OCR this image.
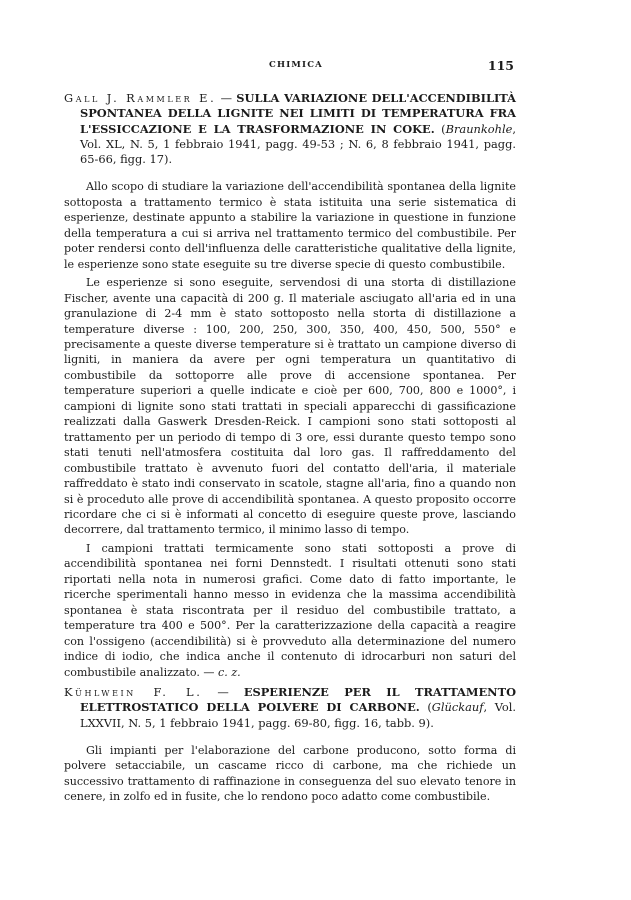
CHIMICA	115

Gall J. Rammler E. — SULLA VARIAZIONE DELL'ACCENDIBILITÀ SPONTANEA DELLA LIGNITE NEI LIMITI DI TEMPERATURA FRA L'ESSICCAZIONE E LA TRASFORMAZIONE IN COKE. (Braunkohle, Vol. XL, N. 5, 1 febbraio 1941, pagg. 49-53 ; N. 6, 8 febbraio 1941, pagg. 65-66, figg. 17).

Allo scopo di studiare la variazione dell'accendibilità spontanea della lignite sottoposta a trattamento termico è stata istituita una serie sistematica di esperienze, destinate appunto a stabilire la variazione in questione in funzione della temperatura a cui si arriva nel trattamento termico del combustibile. Per poter rendersi conto dell'influenza delle caratteristiche qualitative della lignite, le esperienze sono state eseguite su tre diverse specie di questo combustibile.

Le esperienze si sono eseguite, servendosi di una storta di distillazione Fischer, avente una capacità di 200 g. Il materiale asciugato all'aria ed in una granulazione di 2-4 mm è stato sottoposto nella storta di distillazione a temperature diverse : 100, 200, 250, 300, 350, 400, 450, 500, 550° e precisamente a queste diverse temperature si è trattato un campione diverso di ligniti, in maniera da avere per ogni temperatura un quantitativo di combustibile da sottoporre alle prove di accensione spontanea. Per temperature superiori a quelle indicate e cioè per 600, 700, 800 e 1000°, i campioni di lignite sono stati trattati in speciali apparecchi di gassificazione realizzati dalla Gaswerk Dresden-Reick. I campioni sono stati sottoposti al trattamento per un periodo di tempo di 3 ore, essi durante questo tempo sono stati tenuti nell'atmosfera costituita dal loro gas. Il raffreddamento del combustibile trattato è avvenuto fuori del contatto dell'aria, il materiale raffreddato è stato indi conservato in scatole, stagne all'aria, fino a quando non si è proceduto alle prove di accendibilità spontanea. A questo proposito occorre ricordare che ci si è informati al concetto di eseguire queste prove, lasciando decorrere, dal trattamento termico, il minimo lasso di tempo.

I campioni trattati termicamente sono stati sottoposti a prove di accendibilità spontanea nei forni Dennstedt. I risultati ottenuti sono stati riportati nella nota in numerosi grafici. Come dato di fatto importante, le ricerche sperimentali hanno messo in evidenza che la massima accendibilità spontanea è stata riscontrata per il residuo del combustibile trattato, a temperature tra 400 e 500°. Per la caratterizzazione della capacità a reagire con l'ossigeno (accendibilità) si è provveduto alla determinazione del numero indice di iodio, che indica anche il contenuto di idrocarburi non saturi del combustibile analizzato. — c. z.

Kühlwein F. L. — ESPERIENZE PER IL TRATTAMENTO ELETTROSTATICO DELLA POLVERE DI CARBONE. (Glückauf, Vol. LXXVII, N. 5, 1 febbraio 1941, pagg. 69-80, figg. 16, tabb. 9).

Gli impianti per l'elaborazione del carbone producono, sotto forma di polvere setacciabile, un cascame ricco di carbone, ma che richiede un successivo trattamento di raffinazione in conseguenza del suo elevato tenore in cenere, in zolfo ed in fusite, che lo rendono poco adatto come combustibile.
